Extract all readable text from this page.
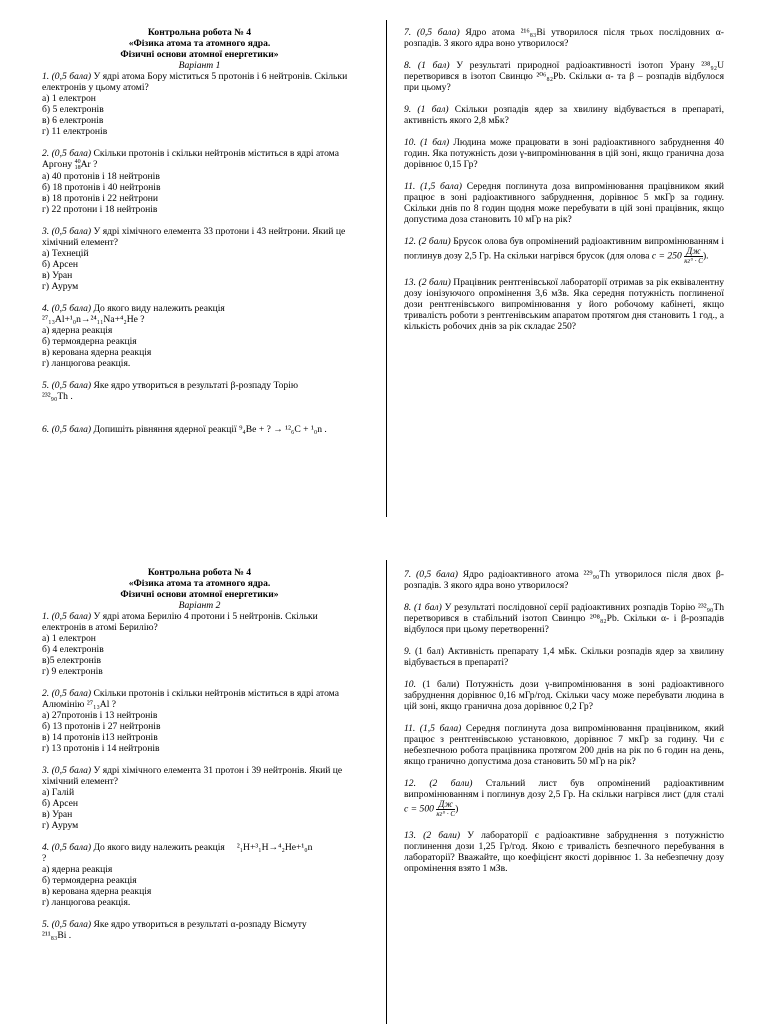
Контрольна робота № 4
«Фізика атома та атомного ядра.
Фізичні основи атомної енергетики»
Варіант 1

1. (0,5 бала) У ядрі атома Бору міститься 5 протонів і 6 нейтронів. Скільки електронів у цьому атомі?

а) 1 електрон
б) 5 електронів
в) 6 електронів
г) 11 електронів

2. (0,5 бала) Скільки протонів і скільки нейтронів міститься в ядрі атома Аргону 40
18 Ar ?

а) 40 протонів і 18 нейтронів
б) 18 протонів і 40 нейтронів
в) 18 протонів і 22 нейтрони
г) 22 протони і 18 нейтронів

3. (0,5 бала) У ядрі хімічного елемента 33 протони і 43 нейтрони. Який це хімічний елемент?

а) Технецій
б) Арсен
в) Уран
г) Аурум

4. (0,5 бала) До якого виду належить реакція
²⁷₁₃Al+¹₀n→²⁴₁₁Na+⁴₂He ?

а) ядерна реакція
б) термоядерна реакція
в) керована ядерна реакція
г) ланцюгова реакція.

5. (0,5 бала) Яке ядро утвориться в результаті β-розпаду Торію
²³²₉₀Th .

6. (0,5 бала) Допишіть рівняння ядерної реакції ⁹₄Be + ? → ¹²₆C + ¹₀n .

7. (0,5 бала) Ядро атома ²¹⁶₈₃Bi утворилося після трьох послідовних α-розпадів. З якого ядра воно утворилося?

8. (1 бал) У результаті природної радіоактивності ізотоп Урану ²³⁸₉₂U перетворився в ізотоп Свинцю ²⁰⁶₈₂Pb. Скільки α- та β – розпадів відбулося при цьому?

9. (1 бал) Скільки розпадів ядер за хвилину відбувається в препараті, активність якого 2,8 мБк?

10. (1 бал) Людина може працювати в зоні радіоактивного забруднення 40 годин. Яка потужність дози γ-випромінювання в цій зоні, якщо гранична доза дорівнює 0,15 Гр?

11. (1,5 бала) Середня поглинута доза випромінювання працівником який працює в зоні радіоактивного забруднення, дорівнює 5 мкГр за годину. Скільки днів по 8 годин щодня може перебувати в цій зоні працівник, якщо допустима доза становить 10 мГр на рік?

12. (2 бали) Брусок олова був опромінений радіоактивним випромінюванням і поглинув дозу 2,5 Гр. На скільки нагрівся брусок (для олова $c = 250 \frac{Дж}{кг^\circ \cdot С}$ ).

13. (2 бали) Працівник рентгенівської лабораторії отримав за рік еквівалентну дозу іонізуючого опромінення 3,6 мЗв. Яка середня потужність поглиненої дози рентгенівського випромінювання у його робочому кабінеті, якщо тривалість роботи з рентгенівським апаратом протягом дня становить 1 год., а кількість робочих днів за рік складає 250?

Контрольна робота № 4
«Фізика атома та атомного ядра.
Фізичні основи атомної енергетики»
Варіант 2

1. (0,5 бала) У ядрі атома Берилію 4 протони і 5 нейтронів. Скільки електронів в атомі Берилію?

а) 1 електрон
б) 4 електронів
в)5 електронів
г) 9 електронів

2. (0,5 бала) Скільки протонів і скільки нейтронів міститься в ядрі атома Алюмінію ²⁷₁₃Al ?

а) 27протонів і 13 нейтронів
б) 13 протонів і 27 нейтронів
в) 14 протонів і13 нейтронів
г) 13 протонів і 14 нейтронів

3. (0,5 бала) У ядрі хімічного елемента 31 протон і 39 нейтронів. Який це хімічний елемент?

а) Галій
б) Арсен
в) Уран
г) Аурум

4. (0,5 бала) До якого виду належить реакція ²₁H+³₁H→⁴₂He+¹₀n
?

а) ядерна реакція
б) термоядерна реакція
в) керована ядерна реакція
г) ланцюгова реакція.

5. (0,5 бала) Яке ядро утвориться в результаті α-розпаду Вісмуту
²¹¹₈₃Bi .

7. (0,5 бала) Ядро радіоактивного атома ²²⁹₉₀Th утворилося після двох β-розпадів. З якого ядра воно утворилося?

8. (1 бал) У результаті послідовної серії радіоактивних розпадів Торію ²³²₉₀Th перетворився в стабільний ізотоп Свинцю ²⁰⁸₈₂Pb. Скільки α- і β-розпадів відбулося при цьому перетворенні?

9. (1 бал) Активність препарату 1,4 мБк. Скільки розпадів ядер за хвилину відбувається в препараті?

10. (1 бали) Потужність дози γ-випромінювання в зоні радіоактивного забруднення дорівнює 0,16 мГр/год. Скільки часу може перебувати людина в цій зоні, якщо гранична доза дорівнює 0,2 Гр?

11. (1,5 бала) Середня поглинута доза випромінювання працівником, який працює з рентгенівською установкою, дорівнює 7 мкГр за годину. Чи є небезпечною робота працівника протягом 200 днів на рік по 6 годин на день, якщо гранично допустима доза становить 50 мГр на рік?

12. (2 бали) Стальний лист був опромінений радіоактивним випромінюванням і поглинув дозу 2,5 Гр. На скільки нагрівся лист (для сталі $c = 500 \frac{Дж}{кг^\circ \cdot С}$ )

13. (2 бали) У лабораторії є радіоактивне забруднення з потужністю поглинення дози 1,25 Гр/год. Якою є тривалість безпечного перебування в лабораторії? Вважайте, що коефіцієнт якості дорівнює 1. За небезпечну дозу опромінення взято 1 мЗв.
